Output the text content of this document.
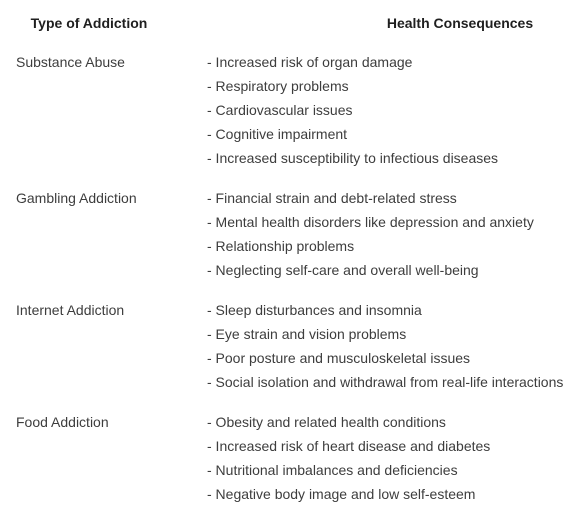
Type of Addiction	Health Consequences
Substance Abuse	- Increased risk of organ damage
- Respiratory problems
- Cardiovascular issues
- Cognitive impairment
- Increased susceptibility to infectious diseases
Gambling Addiction	- Financial strain and debt-related stress
- Mental health disorders like depression and anxiety
- Relationship problems
- Neglecting self-care and overall well-being
Internet Addiction	- Sleep disturbances and insomnia
- Eye strain and vision problems
- Poor posture and musculoskeletal issues
- Social isolation and withdrawal from real-life interactions
Food Addiction	- Obesity and related health conditions
- Increased risk of heart disease and diabetes
- Nutritional imbalances and deficiencies
- Negative body image and low self-esteem
